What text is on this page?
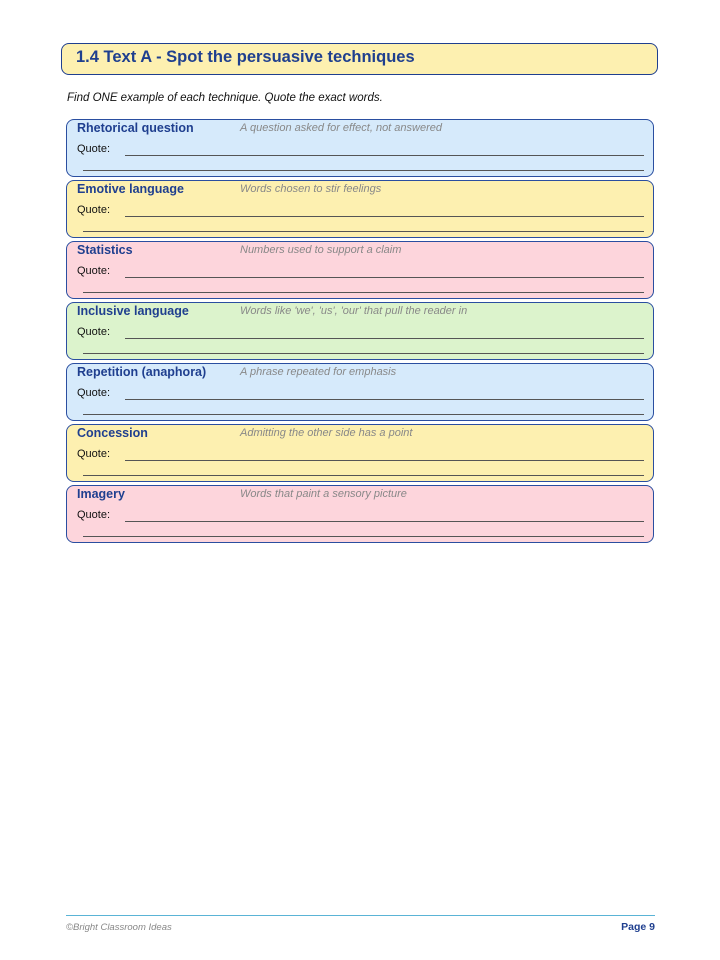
1.4 Text A - Spot the persuasive techniques
Find ONE example of each technique. Quote the exact words.
Rhetorical question	A question asked for effect, not answered
Quote:
Emotive language	Words chosen to stir feelings
Quote:
Statistics	Numbers used to support a claim
Quote:
Inclusive language	Words like 'we', 'us', 'our' that pull the reader in
Quote:
Repetition (anaphora)	A phrase repeated for emphasis
Quote:
Concession	Admitting the other side has a point
Quote:
Imagery	Words that paint a sensory picture
Quote:
©Bright Classroom Ideas	Page 9
